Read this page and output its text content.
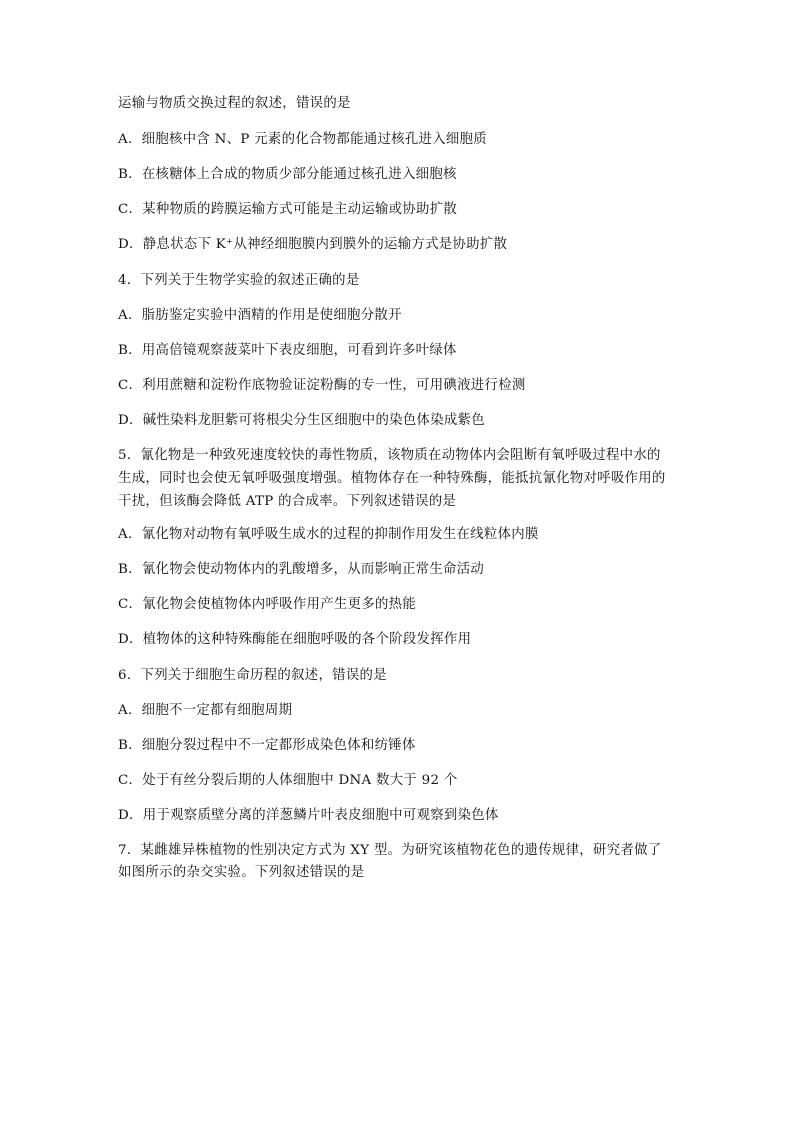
运输与物质交换过程的叙述，错误的是
A．细胞核中含 N、P 元素的化合物都能通过核孔进入细胞质
B．在核糖体上合成的物质少部分能通过核孔进入细胞核
C．某种物质的跨膜运输方式可能是主动运输或协助扩散
D．静息状态下 K⁺从神经细胞膜内到膜外的运输方式是协助扩散
4．下列关于生物学实验的叙述正确的是
A．脂肪鉴定实验中酒精的作用是使细胞分散开
B．用高倍镜观察菠菜叶下表皮细胞，可看到许多叶绿体
C．利用蔗糖和淀粉作底物验证淀粉酶的专一性，可用碘液进行检测
D．碱性染料龙胆紫可将根尖分生区细胞中的染色体染成紫色
5．氰化物是一种致死速度较快的毒性物质，该物质在动物体内会阻断有氧呼吸过程中水的
生成，同时也会使无氧呼吸强度增强。植物体存在一种特殊酶，能抵抗氰化物对呼吸作用的
干扰，但该酶会降低 ATP 的合成率。下列叙述错误的是
A．氰化物对动物有氧呼吸生成水的过程的抑制作用发生在线粒体内膜
B．氰化物会使动物体内的乳酸增多，从而影响正常生命活动
C．氰化物会使植物体内呼吸作用产生更多的热能
D．植物体的这种特殊酶能在细胞呼吸的各个阶段发挥作用
6．下列关于细胞生命历程的叙述，错误的是
A．细胞不一定都有细胞周期
B．细胞分裂过程中不一定都形成染色体和纺锤体
C．处于有丝分裂后期的人体细胞中 DNA 数大于 92 个
D．用于观察质壁分离的洋葱鳞片叶表皮细胞中可观察到染色体
7．某雌雄异株植物的性别决定方式为 XY 型。为研究该植物花色的遗传规律，研究者做了
如图所示的杂交实验。下列叙述错误的是
